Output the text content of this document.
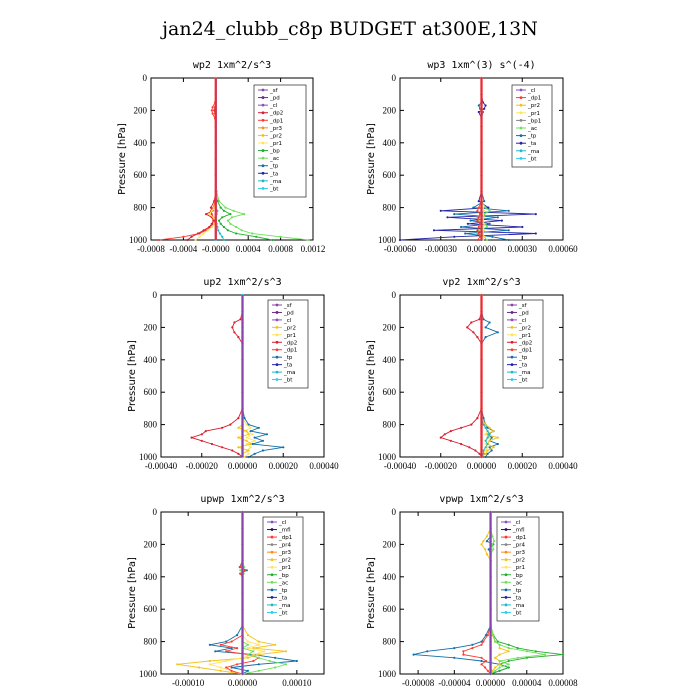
jan24_clubb_c8p BUDGET at300E,13N
wp2 1xm^2/s^3
Pressure [hPa]
0
200
400
600
800
1000
-0.0008 -0.0004 -0.0000 0.0004 0.0008 0.0012
_sf
_pd
_cl
_dp2
_dp1
_pr3
_pr2
_pr1
_bp
_ac
_tp
_ta
_ma
_bt
wp3 1xm^(3) s^(-4)
Pressure [hPa]
0
200
400
600
800
1000
-0.00060 -0.00030 0.00000 0.00030 0.00060
_cl
_dp1
_pr2
_pr1
_bp1
_ac
_tp
_ta
_ma
_bt
up2 1xm^2/s^3
Pressure [hPa]
0
200
400
600
800
1000
-0.00040 -0.00020 0.00000 0.00020 0.00040
_sf
_pd
_cl
_pr2
_pr1
_dp2
_dp1
_tp
_ta
_ma
_bt
vp2 1xm^2/s^3
Pressure [hPa]
0
200
400
600
800
1000
-0.00040 -0.00020 0.00000 0.00020 0.00040
_sf
_pd
_cl
_pr2
_pr1
_dp2
_dp1
_tp
_ta
_ma
_bt
upwp 1xm^2/s^3
Pressure [hPa]
0
200
400
600
800
1000
-0.00010	0.00000	0.00010
_cl
_mfl
_dp1
_pr4
_pr3
_pr2
_pr1
_bp
_ac
_tp
_ta
_ma
_bt
vpwp 1xm^2/s^3
Pressure [hPa]
0
200
400
600
800
1000
-0.00008 -0.00004 0.00000 0.00004 0.00008
_cl
_mfl
_dp1
_pr4
_pr3
_pr2
_pr1
_bp
_ac
_tp
_ta
_ma
_bt
